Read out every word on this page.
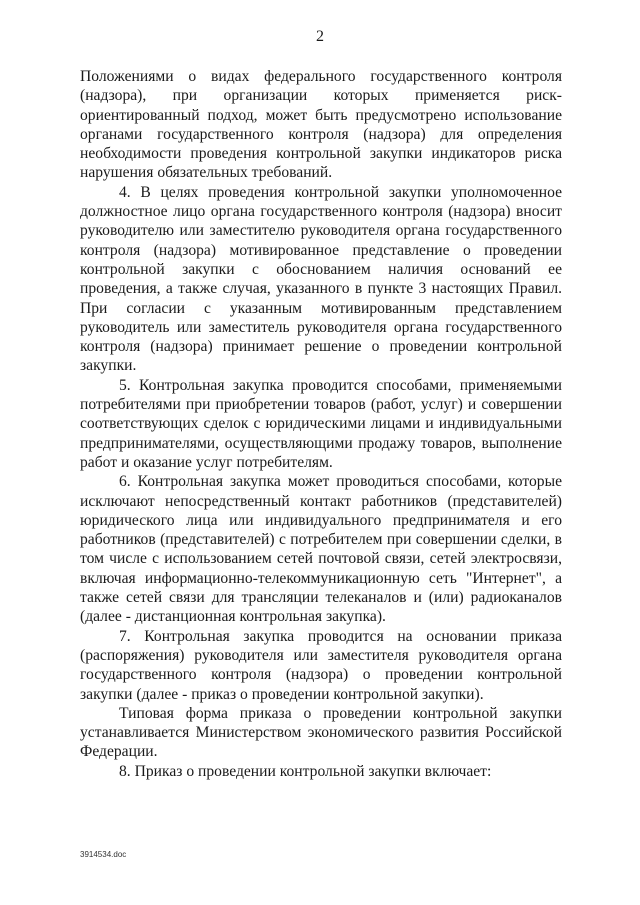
2

Положениями о видах федерального государственного контроля (надзора), при организации которых применяется риск-ориентированный подход, может быть предусмотрено использование органами государственного контроля (надзора) для определения необходимости проведения контрольной закупки индикаторов риска нарушения обязательных требований.

4. В целях проведения контрольной закупки уполномоченное должностное лицо органа государственного контроля (надзора) вносит руководителю или заместителю руководителя органа государственного контроля (надзора) мотивированное представление о проведении контрольной закупки с обоснованием наличия оснований ее проведения, а также случая, указанного в пункте 3 настоящих Правил. При согласии с указанным мотивированным представлением руководитель или заместитель руководителя органа государственного контроля (надзора) принимает решение о проведении контрольной закупки.

5. Контрольная закупка проводится способами, применяемыми потребителями при приобретении товаров (работ, услуг) и совершении соответствующих сделок с юридическими лицами и индивидуальными предпринимателями, осуществляющими продажу товаров, выполнение работ и оказание услуг потребителям.

6. Контрольная закупка может проводиться способами, которые исключают непосредственный контакт работников (представителей) юридического лица или индивидуального предпринимателя и его работников (представителей) с потребителем при совершении сделки, в том числе с использованием сетей почтовой связи, сетей электросвязи, включая информационно-телекоммуникационную сеть "Интернет", а также сетей связи для трансляции телеканалов и (или) радиоканалов (далее - дистанционная контрольная закупка).

7. Контрольная закупка проводится на основании приказа (распоряжения) руководителя или заместителя руководителя органа государственного контроля (надзора) о проведении контрольной закупки (далее - приказ о проведении контрольной закупки).

Типовая форма приказа о проведении контрольной закупки устанавливается Министерством экономического развития Российской Федерации.

8. Приказ о проведении контрольной закупки включает:

3914534.doc
